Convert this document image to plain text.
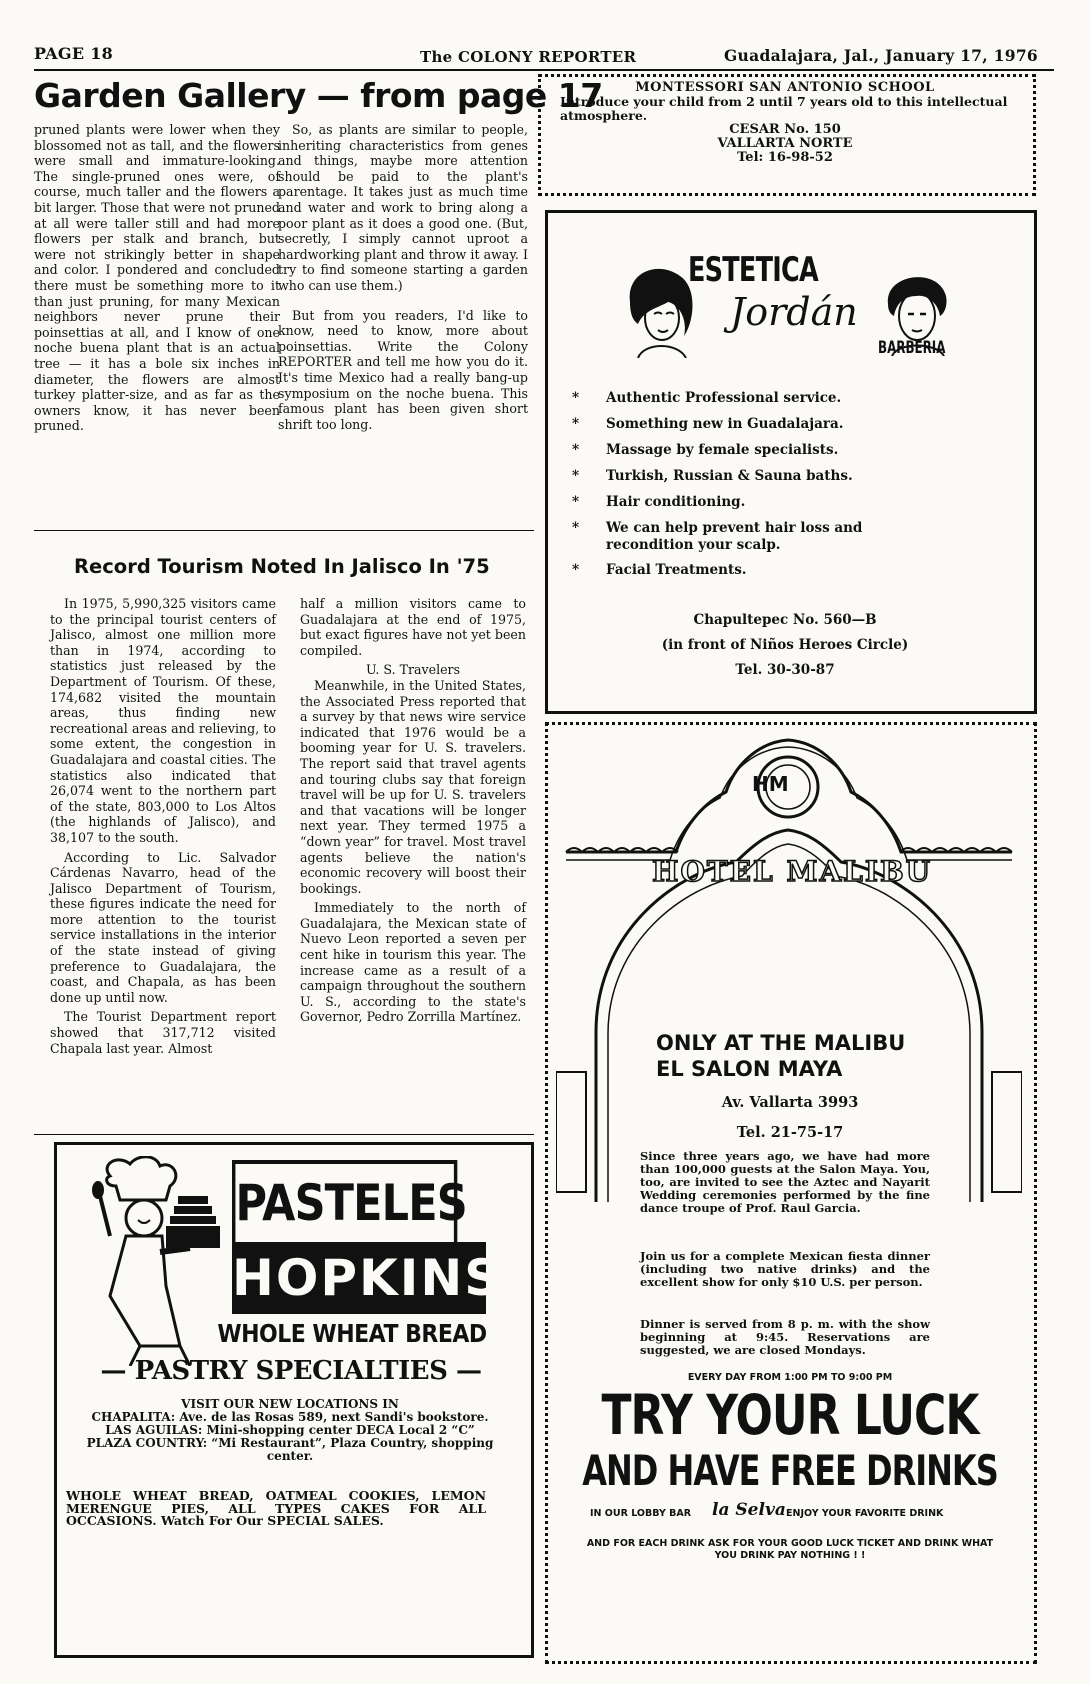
PAGE 18	The COLONY REPORTER	Guadalajara, Jal., January 17, 1976
Garden Gallery — from page 17

pruned plants were lower when they blossomed not as tall, and the flowers were small and immature-looking. The single-pruned ones were, of course, much taller and the flowers a bit larger. Those that were not pruned at all were taller still and had more flowers per stalk and branch, but were not strikingly better in shape and color. I pondered and concluded there must be something more to it than just pruning, for many Mexican neighbors never prune their poinsettias at all, and I know of one noche buena plant that is an actual tree — it has a bole six inches in diameter, the flowers are almost turkey platter-size, and as far as the owners know, it has never been pruned.

So, as plants are similar to people, inheriting characteristics from genes and things, maybe more attention should be paid to the plant's parentage. It takes just as much time and water and work to bring along a poor plant as it does a good one. (But, secretly, I simply cannot uproot a hardworking plant and throw it away. I try to find someone starting a garden who can use them.)

But from you readers, I'd like to know, need to know, more about poinsettias. Write the Colony REPORTER and tell me how you do it. It's time Mexico had a really bang-up symposium on the noche buena. This famous plant has been given short shrift too long.

Record Tourism Noted In Jalisco In '75

In 1975, 5,990,325 visitors came to the principal tourist centers of Jalisco, almost one million more than in 1974, according to statistics just released by the Department of Tourism. Of these, 174,682 visited the mountain areas, thus finding new recreational areas and relieving, to some extent, the congestion in Guadalajara and coastal cities. The statistics also indicated that 26,074 went to the northern part of the state, 803,000 to Los Altos (the highlands of Jalisco), and 38,107 to the south.

According to Lic. Salvador Cárdenas Navarro, head of the Jalisco Department of Tourism, these figures indicate the need for more attention to the tourist service installations in the interior of the state instead of giving preference to Guadalajara, the coast, and Chapala, as has been done up until now.

The Tourist Department report showed that 317,712 visited Chapala last year. Almost

half a million visitors came to Guadalajara at the end of 1975, but exact figures have not yet been compiled.

U. S. Travelers

Meanwhile, in the United States, the Associated Press reported that a survey by that news wire service indicated that 1976 would be a booming year for U. S. travelers. The report said that travel agents and touring clubs say that foreign travel will be up for U. S. travelers and that vacations will be longer next year. They termed 1975 a “down year” for travel. Most travel agents believe the nation's economic recovery will boost their bookings.

Immediately to the north of Guadalajara, the Mexican state of Nuevo Leon reported a seven per cent hike in tourism this year. The increase came as a result of a campaign throughout the southern U. S., according to the state's Governor, Pedro Zorrilla Martínez.

MONTESSORI SAN ANTONIO SCHOOL
Introduce your child from 2 until 7 years old to this intellectual atmosphere.
CESAR No. 150
VALLARTA NORTE
Tel: 16-98-52
ESTETICA
Jordán
BARBERIA
* Authentic Professional service.
* Something new in Guadalajara.
* Massage by female specialists.
* Turkish, Russian & Sauna baths.
* Hair conditioning.
* We can help prevent hair loss and recondition your scalp.
* Facial Treatments.
Chapultepec No. 560—B
(in front of Niños Heroes Circle)
Tel. 30-30-87
HM
HOTEL MALIBU
ONLY AT THE MALIBU
EL SALON MAYA
Av. Vallarta 3993
Tel. 21-75-17
Since three years ago, we have had more than 100,000 guests at the Salon Maya. You, too, are invited to see the Aztec and Nayarit Wedding ceremonies performed by the fine dance troupe of Prof. Raul Garcia.
Join us for a complete Mexican fiesta dinner (including two native drinks) and the excellent show for only $10 U.S. per person.
Dinner is served from 8 p. m. with the show beginning at 9:45. Reservations are suggested, we are closed Mondays.
EVERY DAY FROM 1:00 PM TO 9:00 PM
TRY YOUR LUCK
AND HAVE FREE DRINKS
IN OUR LOBBY BAR la Selva ENJOY YOUR FAVORITE DRINK
AND FOR EACH DRINK ASK FOR YOUR GOOD LUCK TICKET AND DRINK WHAT YOU DRINK PAY NOTHING ! !
PASTELES
HOPKINS
WHOLE WHEAT BREAD
— PASTRY SPECIALTIES —
VISIT OUR NEW LOCATIONS IN
CHAPALITA: Ave. de las Rosas 589, next Sandi's bookstore.
LAS AGUILAS: Mini-shopping center DECA Local 2 “C”
PLAZA COUNTRY: “Mi Restaurant”, Plaza Country, shopping center.
WHOLE WHEAT BREAD, OATMEAL COOKIES, LEMON MERENGUE PIES, ALL TYPES CAKES FOR ALL OCCASIONS. Watch For Our SPECIAL SALES.
